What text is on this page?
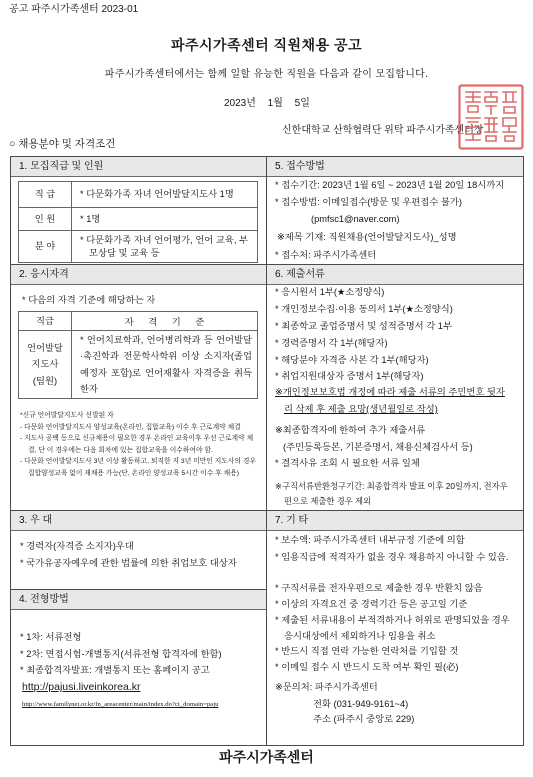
공고 파주시가족센터 2023-01
파주시가족센터 직원채용 공고
파주시가족센터에서는 함께 일할 유능한 직원을 다음과 같이 모집합니다.
2023년 1월 5일
신한대학교 산학협력단 위탁 파주시가족센터장
○ 채용분야 및 자격조건
1. 모집직급 및 인원
직 급	* 다문화가족 자녀 언어발달지도사 1명
인 원	* 1명
분 야	* 다문화가족 자녀 언어평가, 언어 교육, 부모상담 및 교육 등
2. 응시자격
* 다음의 자격 기준에 해당하는 자
직급	자 격 기 준

언어발달
지도사
(팀원)	* 언어치료학과, 언어병리학과 등 언어발달·촉진학과 전문학사학위 이상 소지자(졸업예정자 포함)로 언어재활사 자격증을 취득한자
*신규 언어발달지도사 선발된 자
- 다문화 언어발달지도사 양성교육(온라인, 집합교육) 이수 후 근로계약 체결
- 지도사 공백 등으로 신규채용이 필요한 경우 온라인 교육이후 우선 근로계약 체결, 단 이 경우에는 다음 회차에 있는 집합교육을 이수하여야 함.
- 다문화 언어발달지도사 3년 이상 활동하고, 퇴직한 지 3년 미만인 지도사의 경우 집합양성교육 없이 재채용 가능(단, 온라인 양성교육 5시간 이수 후 채용)
3. 우 대
* 경력자(자격증 소지자)우대
* 국가유공자예우에 관한 법률에 의한 취업보호 대상자
4. 전형방법
* 1차: 서류전형
* 2차: 면접시험-개별통지(서류전형 합격자에 한함)
* 최종합격자발표: 개별통지 또는 홈페이지 공고
http://pajusi.liveinkorea.kr
http://www.familynet.or.kr/fn_areacenter/main/index.do?ci_domain=paju
5. 접수방법
* 접수기간: 2023년 1월 6일 ~ 2023년 1월 20일 18시까지
* 접수방법: 이메일접수(방문 및 우편접수 불가)
(pmfsc1@naver.com)
※제목 기재: 직원채용(언어발달지도사)_성명
* 접수처: 파주시가족센터
6. 제출서류
* 응시원서 1부(★소정양식)
* 개인정보수집·이용 동의서 1부(★소정양식)
* 최종학교 졸업증명서 및 성적증명서 각 1부
* 경력증명서 각 1부(해당자)
* 해당분야 자격증 사본 각 1부(해당자)
* 취업지원대상자 증명서 1부(해당자)
※개인정보보호법 개정에 따라 제출 서류의 주민번호 뒷자리 삭제 후 제출 요망(생년월일로 작성)
※최종합격자에 한하여 추가 제출서류
(주민등록등본, 기본증명서, 채용신체검사서 등)
* 결격사유 조회 시 필요한 서류 일체
※구직서류반환청구기간: 최종합격자 발표 이후 20일까지, 전자우편으로 제출한 경우 제외
7. 기 타
* 보수액: 파주시가족센터 내부규정 기준에 의함
* 임용직급에 적격자가 없을 경우 채용하지 아니할 수 있음.
* 구직서류를 전자우편으로 제출한 경우 반환치 않음
* 이상의 자격요건 중 경력기간 등은 공고일 기준
* 제출된 서류내용이 부적격하거나 허위로 판명되었을 경우 응시대상에서 제외하거나 임용을 취소
* 반드시 직접 연락 가능한 연락처를 기입할 것
* 이메일 접수 시 반드시 도착 여부 확인 필(必)
※문의처: 파주시가족센터
전화 (031-949-9161~4)
주소 (파주시 중앙로 229)
파주시가족센터
